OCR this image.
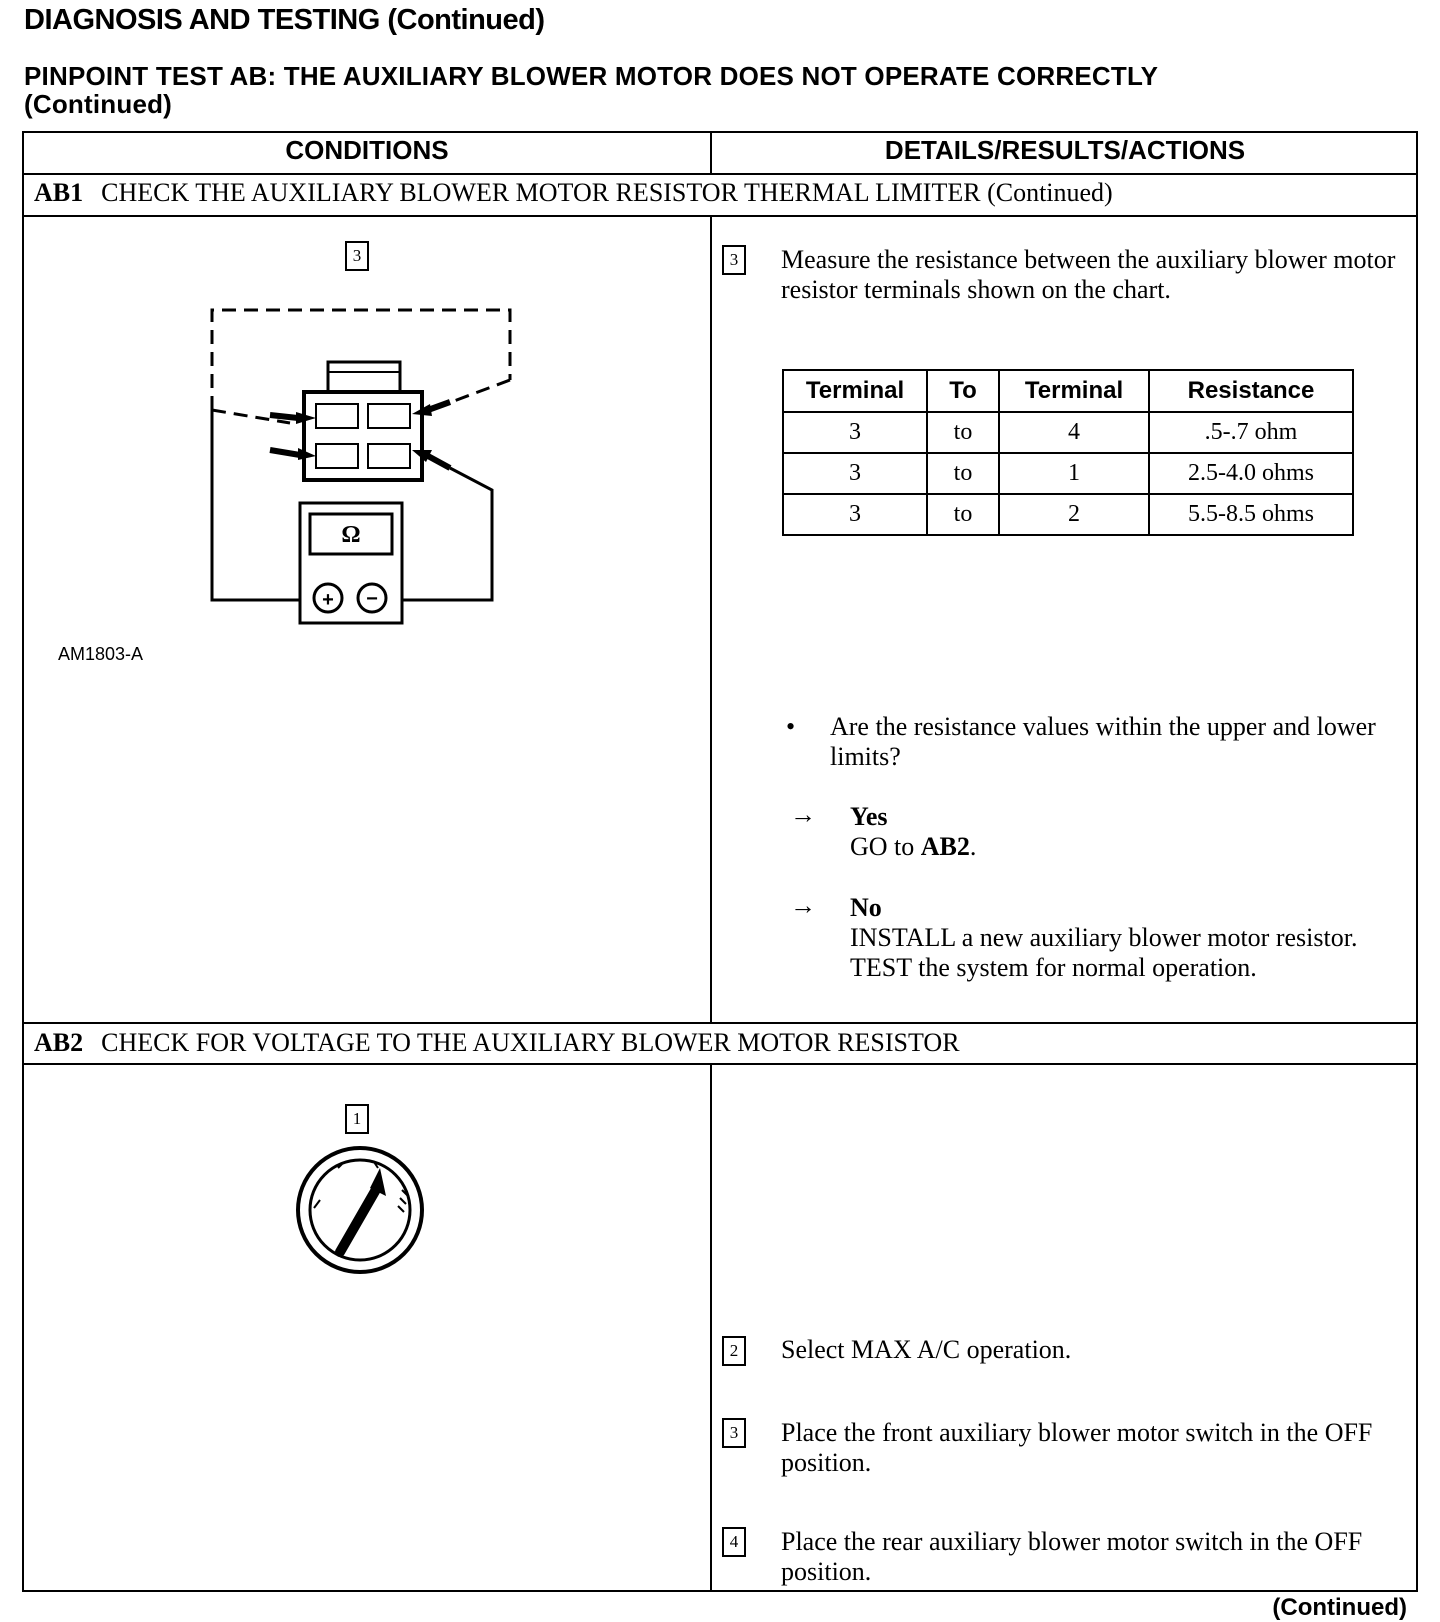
DIAGNOSIS AND TESTING (Continued)
PINPOINT TEST AB: THE AUXILIARY BLOWER MOTOR DOES NOT OPERATE CORRECTLY
(Continued)
CONDITIONS	DETAILS/RESULTS/ACTIONS
AB1 CHECK THE AUXILIARY BLOWER MOTOR RESISTOR THERMAL LIMITER (Continued)
3
Ω
+ −
AM1803-A
3 Measure the resistance between the auxiliary blower motor resistor terminals shown on the chart.
Terminal	To	Terminal	Resistance
3	to	4	.5-.7 ohm
3	to	1	2.5-4.0 ohms
3	to	2	5.5-8.5 ohms
• Are the resistance values within the upper and lower limits?
→ Yes
GO to AB2.
→ No
INSTALL a new auxiliary blower motor resistor. TEST the system for normal operation.
AB2 CHECK FOR VOLTAGE TO THE AUXILIARY BLOWER MOTOR RESISTOR
1
2 Select MAX A/C operation.
3 Place the front auxiliary blower motor switch in the OFF position.
4 Place the rear auxiliary blower motor switch in the OFF position.
(Continued)
